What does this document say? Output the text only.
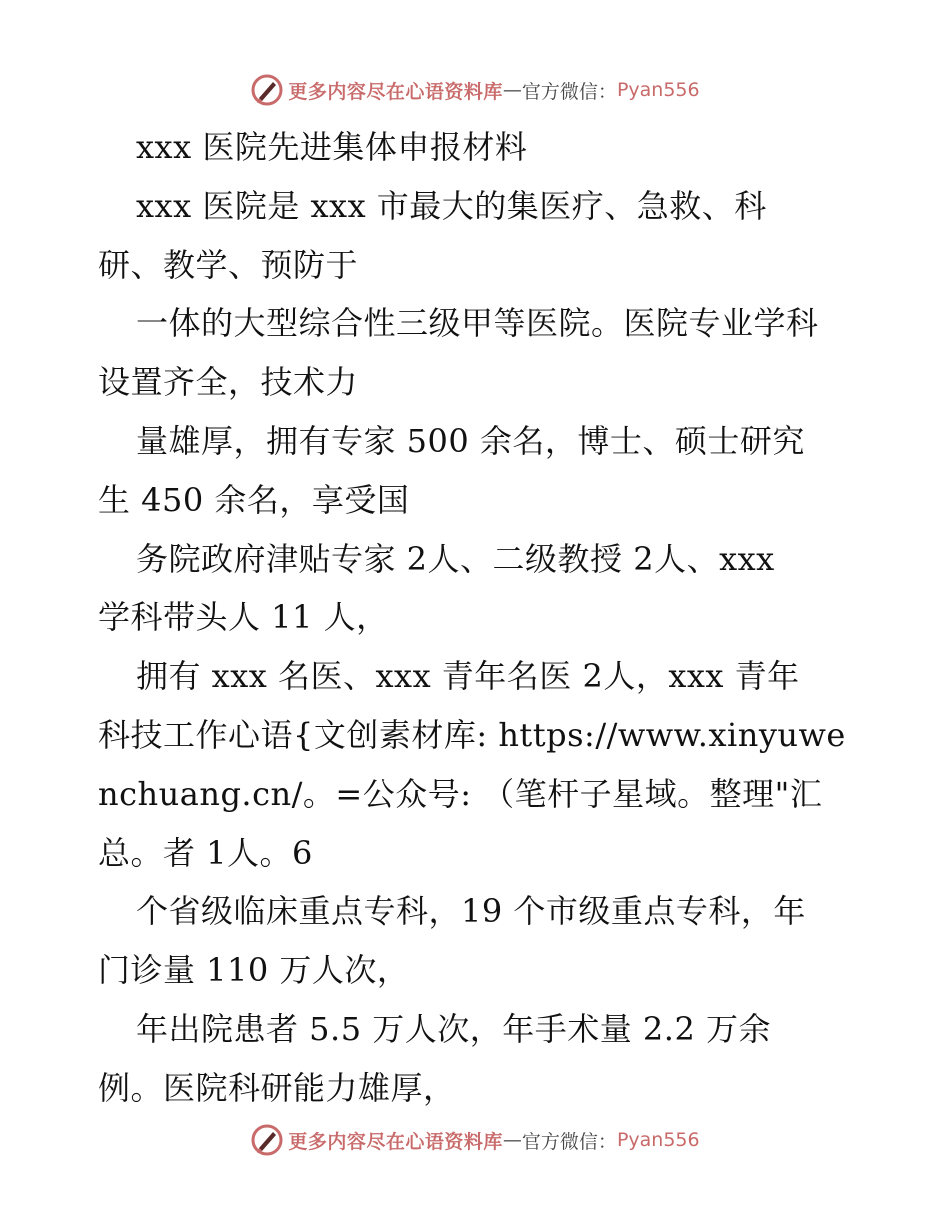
更多内容尽在心语资料库 — 官方微信： Pyan556
xxx 医院先进集体申报材料
xxx 医院是 xxx 市最大的集医疗、急救、科
研、教学、预防于
一体的大型综合性三级甲等医院。医院专业学科
设置齐全，技术力
量雄厚，拥有专家 500 余名，博士、硕士研究
生 450 余名，享受国
务院政府津贴专家 2人、二级教授 2人、xxx
学科带头人 11 人，
拥有 xxx 名医、xxx 青年名医 2人，xxx 青年
科技工作心语{文创素材库: https://www.xinyuwe
nchuang.cn/。=公众号: （笔杆子星域。整理"汇
总。者 1人。6
个省级临床重点专科，19 个市级重点专科，年
门诊量 110 万人次，
年出院患者 5.5 万人次，年手术量 2.2 万余
例。医院科研能力雄厚，
更多内容尽在心语资料库 — 官方微信： Pyan556
